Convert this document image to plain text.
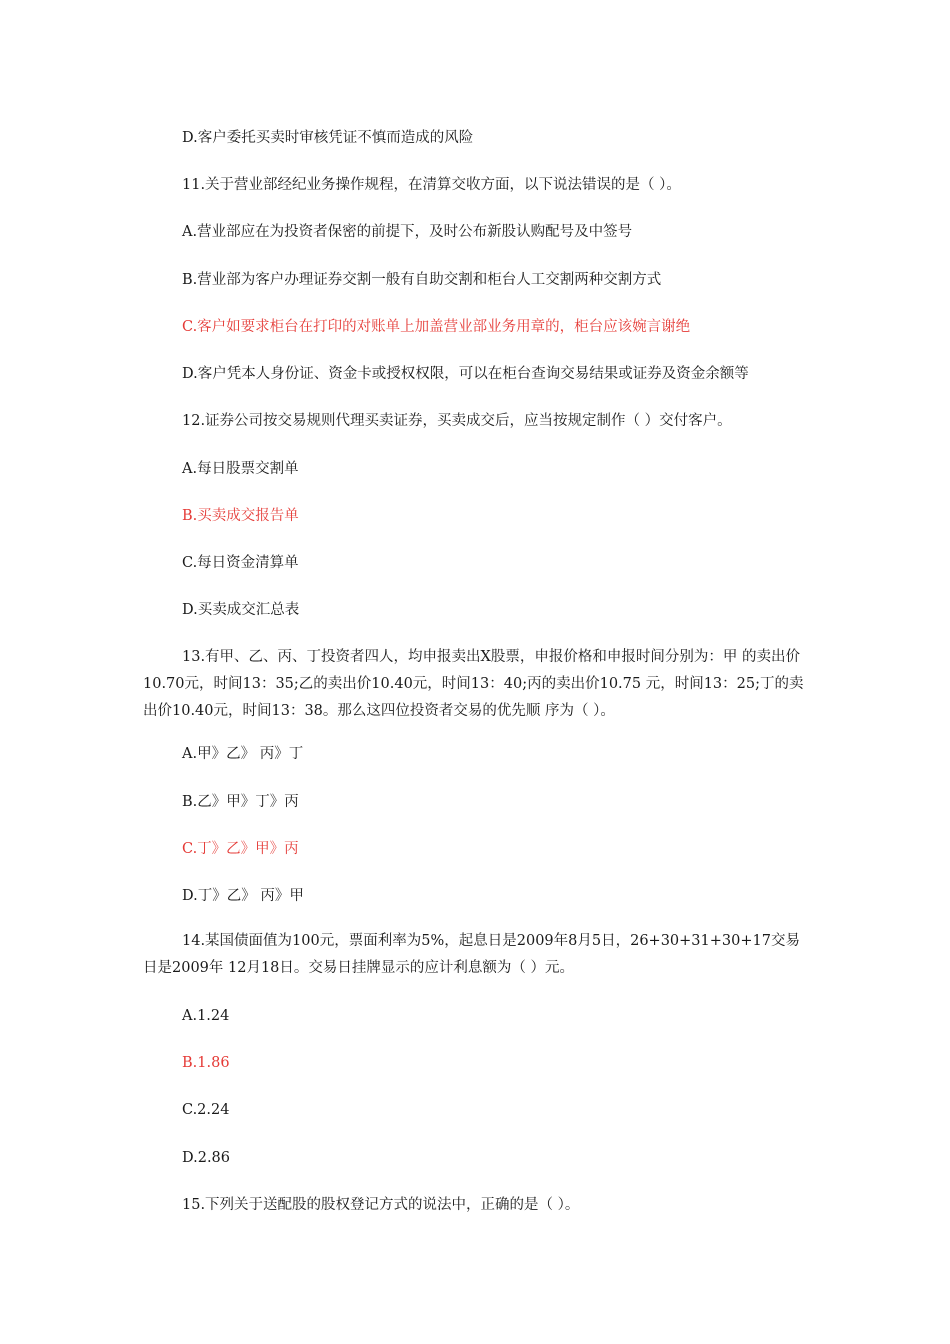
D.客户委托买卖时审核凭证不慎而造成的风险
11.关于营业部经纪业务操作规程，在清算交收方面，以下说法错误的是（ ）。
A.营业部应在为投资者保密的前提下，及时公布新股认购配号及中签号
B.营业部为客户办理证券交割一般有自助交割和柜台人工交割两种交割方式
C.客户如要求柜台在打印的对账单上加盖营业部业务用章的，柜台应该婉言谢绝
D.客户凭本人身份证、资金卡或授权权限，可以在柜台查询交易结果或证券及资金余额等
12.证券公司按交易规则代理买卖证券，买卖成交后，应当按规定制作（ ）交付客户。
A.每日股票交割单
B.买卖成交报告单
C.每日资金清算单
D.买卖成交汇总表
13.有甲、乙、丙、丁投资者四人，均申报卖出X股票，申报价格和申报时间分别为：甲 的卖出价10.70元，时间13：35;乙的卖出价10.40元，时间13：40;丙的卖出价10.75 元，时间13：25;丁的卖出价10.40元，时间13：38。那么这四位投资者交易的优先顺 序为（ ）。
A.甲》乙》 丙》丁
B.乙》甲》丁》丙
C.丁》乙》甲》丙
D.丁》乙》 丙》甲
14.某国债面值为100元，票面利率为5%，起息日是2009年8月5日，26+30+31+30+17交易日是2009年 12月18日。交易日挂牌显示的应计利息额为（ ）元。
A.1.24
B.1.86
C.2.24
D.2.86
15.下列关于送配股的股权登记方式的说法中，正确的是（ ）。
